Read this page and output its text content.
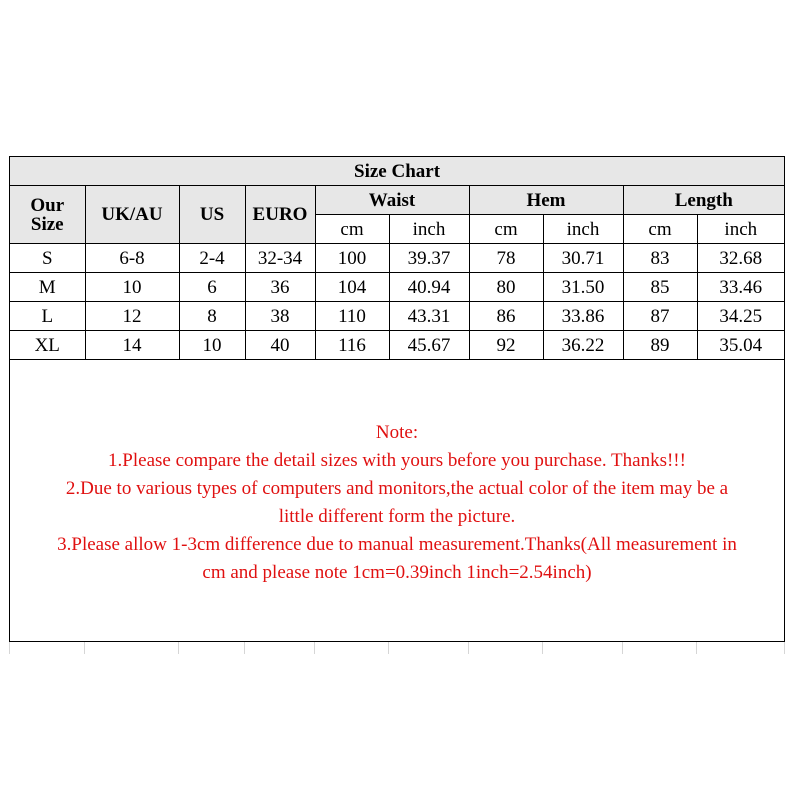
Size Chart									
Our
Size	UK/AU	US	EURO	Waist		Hem		Length	
				cm	inch	cm	inch	cm	inch
S	6-8	2-4	32-34	100	39.37	78	30.71	83	32.68
M	10	6	36	104	40.94	80	31.50	85	33.46
L	12	8	38	110	43.31	86	33.86	87	34.25
XL	14	10	40	116	45.67	92	36.22	89	35.04
Note:
1.Please compare the detail sizes with yours before you purchase. Thanks!!!
2.Due to various types of computers and monitors,the actual color of the item may be a
little different form the picture.
3.Please allow 1-3cm difference due to manual measurement.Thanks(All measurement in
cm and please note 1cm=0.39inch 1inch=2.54inch)
